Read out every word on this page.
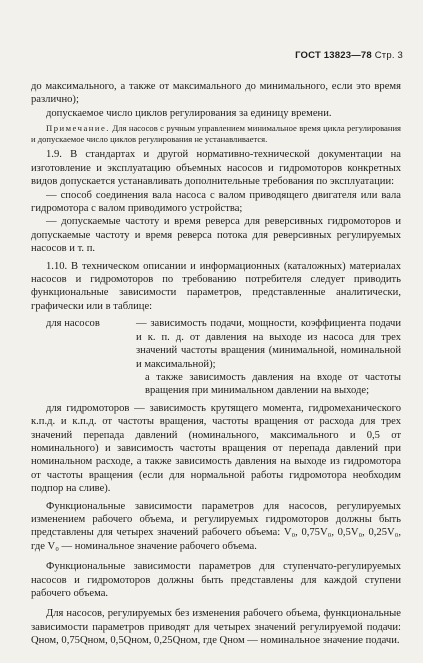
ГОСТ 13823—78 Стр. 3

до максимального, а также от максимального до минимального, если это время различно);

допускаемое число циклов регулирования за единицу времени.

Примечание. Для насосов с ручным управлением минимальное время цикла регулирования и допускаемое число циклов регулирования не устанавливается.

1.9. В стандартах и другой нормативно-технической документации на изготовление и эксплуатацию объемных насосов и гидромоторов конкретных видов допускается устанавливать дополнительные требования по эксплуатации:

— способ соединения вала насоса с валом приводящего двигателя или вала гидромотора с валом приводимого устройства;

— допускаемые частоту и время реверса для реверсивных гидромоторов и допускаемые частоту и время реверса потока для реверсивных регулируемых насосов и т. п.

1.10. В техническом описании и информационных (каталожных) материалах насосов и гидромоторов по требованию потребителя следует приводить функциональные зависимости параметров, представленные аналитически, графически или в таблице:

для насосов	— зависимость подачи, мощности, коэффициента подачи и к. п. д. от давления на выходе из насоса для трех значений частоты вращения (минимальной, номинальной и максимальной);

а также зависимость давления на входе от частоты вращения при минимальном давлении на выходе;

для гидромоторов — зависимость крутящего момента, гидромеханического к.п.д. и к.п.д. от частоты вращения, частоты вращения от расхода для трех значений перепада давлений (номинального, максимального и 0,5 от номинального) и зависимость частоты вращения от перепада давлений при номинальном расходе, а также зависимость давления на выходе из гидромотора от частоты вращения (если для нормальной работы гидромотора необходим подпор на сливе).

Функциональные зависимости параметров для насосов, регулируемых изменением рабочего объема, и регулируемых гидромоторов должны быть представлены для четырех значений рабочего объема: V₀, 0,75V₀, 0,5V₀, 0,25V₀, где V₀ — номинальное значение рабочего объема.

Функциональные зависимости параметров для ступенчато-регулируемых насосов и гидромоторов должны быть представлены для каждой ступени рабочего объема.

Для насосов, регулируемых без изменения рабочего объема, функциональные зависимости параметров приводят для четырех значений регулируемой подачи: Qном, 0,75Qном, 0,5Qном, 0,25Qном, где Qном — номинальное значение подачи.
